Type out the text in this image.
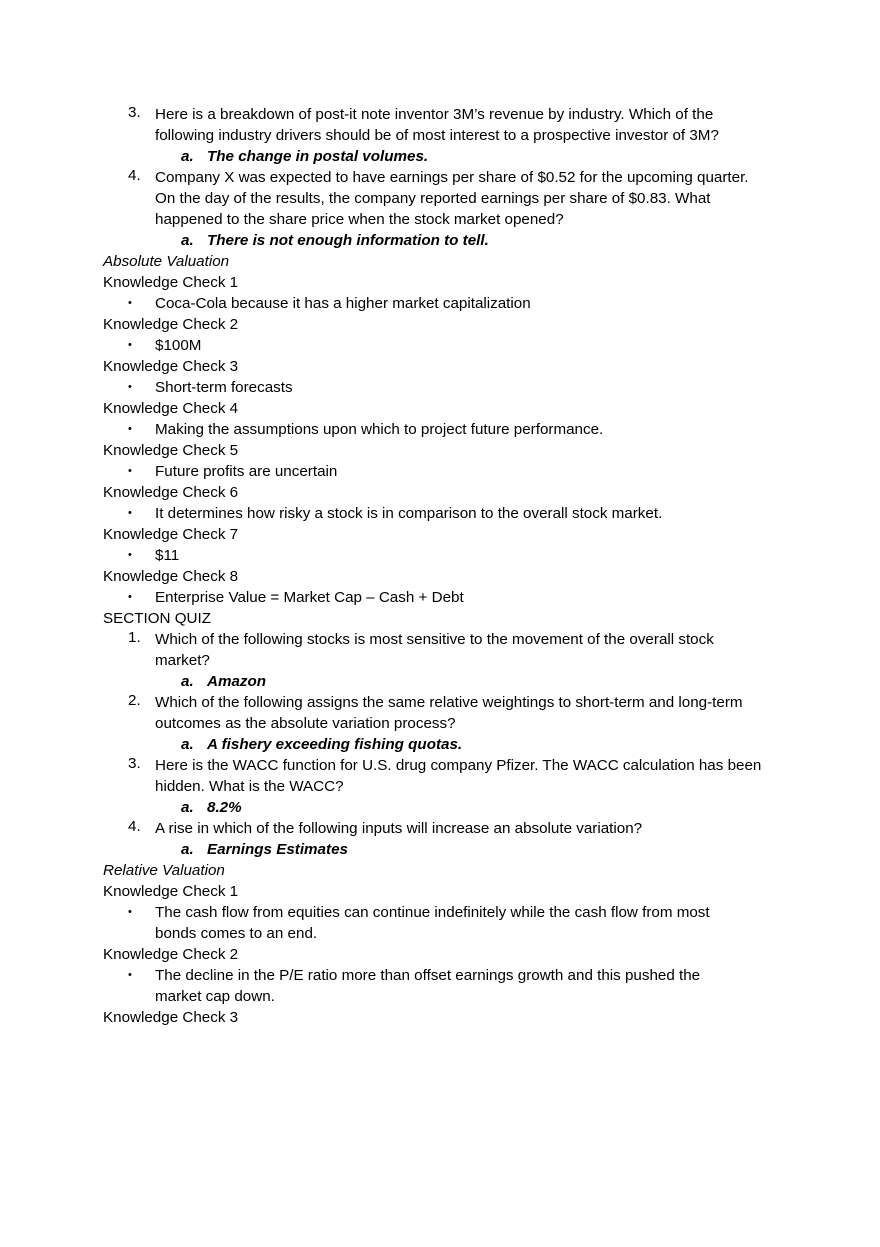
3. Here is a breakdown of post-it note inventor 3M’s revenue by industry. Which of the
following industry drivers should be of most interest to a prospective investor of 3M?
a. The change in postal volumes.
4. Company X was expected to have earnings per share of $0.52 for the upcoming quarter.
On the day of the results, the company reported earnings per share of $0.83. What
happened to the share price when the stock market opened?
a. There is not enough information to tell.
Absolute Valuation
Knowledge Check 1
•	Coca-Cola because it has a higher market capitalization
Knowledge Check 2
•	$100M
Knowledge Check 3
•	Short-term forecasts
Knowledge Check 4
•	Making the assumptions upon which to project future performance.
Knowledge Check 5
•	Future profits are uncertain
Knowledge Check 6
•	It determines how risky a stock is in comparison to the overall stock market.
Knowledge Check 7
•	$11
Knowledge Check 8
•	Enterprise Value = Market Cap – Cash + Debt
SECTION QUIZ
1. Which of the following stocks is most sensitive to the movement of the overall stock
market?
a. Amazon
2. Which of the following assigns the same relative weightings to short-term and long-term
outcomes as the absolute variation process?
a. A fishery exceeding fishing quotas.
3. Here is the WACC function for U.S. drug company Pfizer. The WACC calculation has been
hidden. What is the WACC?
a. 8.2%
4. A rise in which of the following inputs will increase an absolute variation?
a. Earnings Estimates
Relative Valuation
Knowledge Check 1
•	The cash flow from equities can continue indefinitely while the cash flow from most
bonds comes to an end.
Knowledge Check 2
•	The decline in the P/E ratio more than offset earnings growth and this pushed the
market cap down.
Knowledge Check 3
